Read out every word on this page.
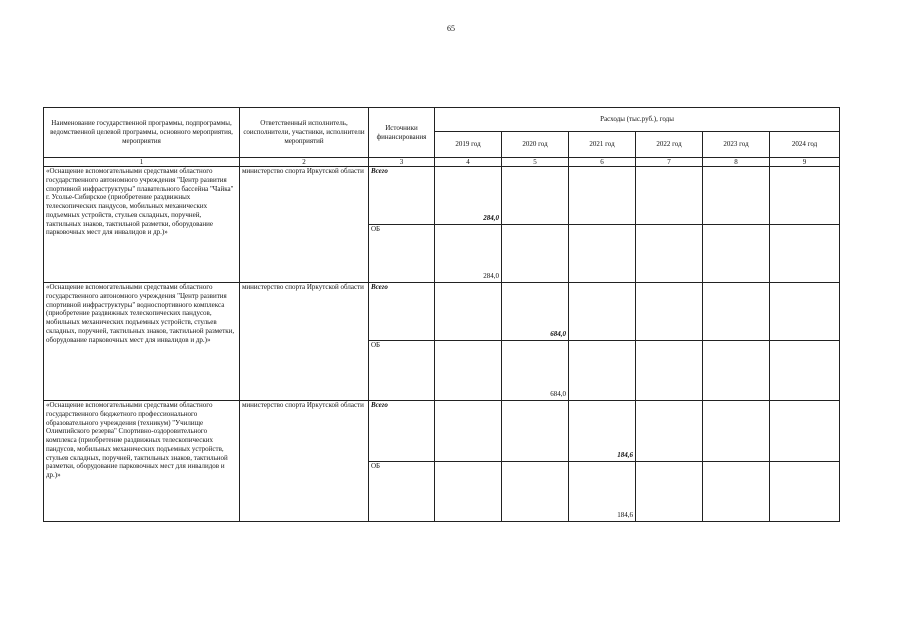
65
Наименование государственной программы, подпрограммы, ведомственной целевой программы, основного мероприятия, мероприятия	Ответственный исполнитель, соисполнители, участники, исполнители мероприятий	Источники финансирования	Расходы (тыс.руб.), годы					
			2019 год	2020 год	2021 год	2022 год	2023 год	2024 год
1	2	3	4	5	6	7	8	9
«Оснащение вспомогательными средствами областного государственного автономного учреждения "Центр развития спортивной инфраструктуры" плавательного бассейна "Чайка" г. Усолье-Сибирское (приобретение раздвижных телескопических пандусов, мобильных механических подъемных устройств, стульев складных, поручней, тактильных знаков, тактильной разметки, оборудование парковочных мест для инвалидов и др.)»	министерство спорта Иркутской области	Всего	284,0					
		ОБ	284,0					
«Оснащение вспомогательными средствами областного государственного автономного учреждения "Центр развития спортивной инфраструктуры" водноспортивного комплекса (приобретение раздвижных телескопических пандусов, мобильных механических подъемных устройств, стульев складных, поручней, тактильных знаков, тактильной разметки, оборудование парковочных мест для инвалидов и др.)»	министерство спорта Иркутской области	Всего		684,0				
		ОБ		684,0				
«Оснащение вспомогательными средствами областного государственного бюджетного профессионального образовательного учреждения (техникум) "Училище Олимпийского резерва" Спортивно-оздоровительного комплекса (приобретение раздвижных телескопических пандусов, мобильных механических подъемных устройств, стульев складных, поручней, тактильных знаков, тактильной разметки, оборудование парковочных мест для инвалидов и др.)»	министерство спорта Иркутской области	Всего			184,6			
		ОБ			184,6			
